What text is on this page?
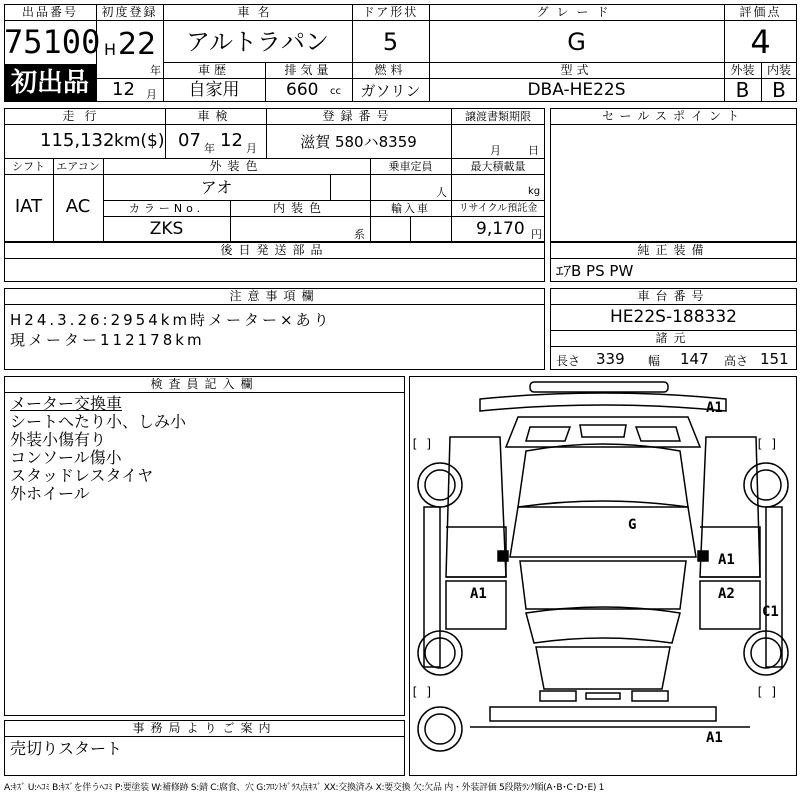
出品番号
75100
初出品
初度登録
H 22
年
12 月
車名
アルトラパン
ドア形状
5
グレード
G
評価点
4
車歴
自家用
排気量
660 cc
燃料
ガソリン
型式
DBA-HE22S
外装	内装
B	B
走行
115,132 km($)
車検
07 年 12 月
登録番号
滋賀 580ハ8359
譲渡書類期限
月 日
シフト	エアコン
IAT	AC
外装色
アオ
乗車定員
人
最大積載量
kg
カラーNo.
ZKS
内装色
系
輸入車	リサイクル預託金
9,170 円
後日発送部品
セールスポイント
純正装備
ｴｱB PS PW
注意事項欄
H24.3.26:2954km時メーター×あり
現メーター112178km
車台番号
HE22S-188332
諸元
長さ 339 幅 147 高さ 151
検査員記入欄
メーター交換車
シートへたり小、しみ小
外装小傷有り
コンソール傷小
スタッドレスタイヤ
外ホイール
事務局よりご案内
売切りスタート
[ ]	[ ]
[ ]	[ ]
A1
G
A1
A1	A2
C1
A1
A:ｷｽﾞ U:ﾍｺﾐ B:ｷｽﾞを伴うﾍｺﾐ P:要塗装 W:補修跡 S:錆 C:腐食、穴 G:ﾌﾛﾝﾄｶﾞﾗｽ点ｷｽﾞ XX:交換済み X:要交換 欠:欠品 内・外装評価 5段階ﾗﾝｸ順(A･B･C･D･E) 1
